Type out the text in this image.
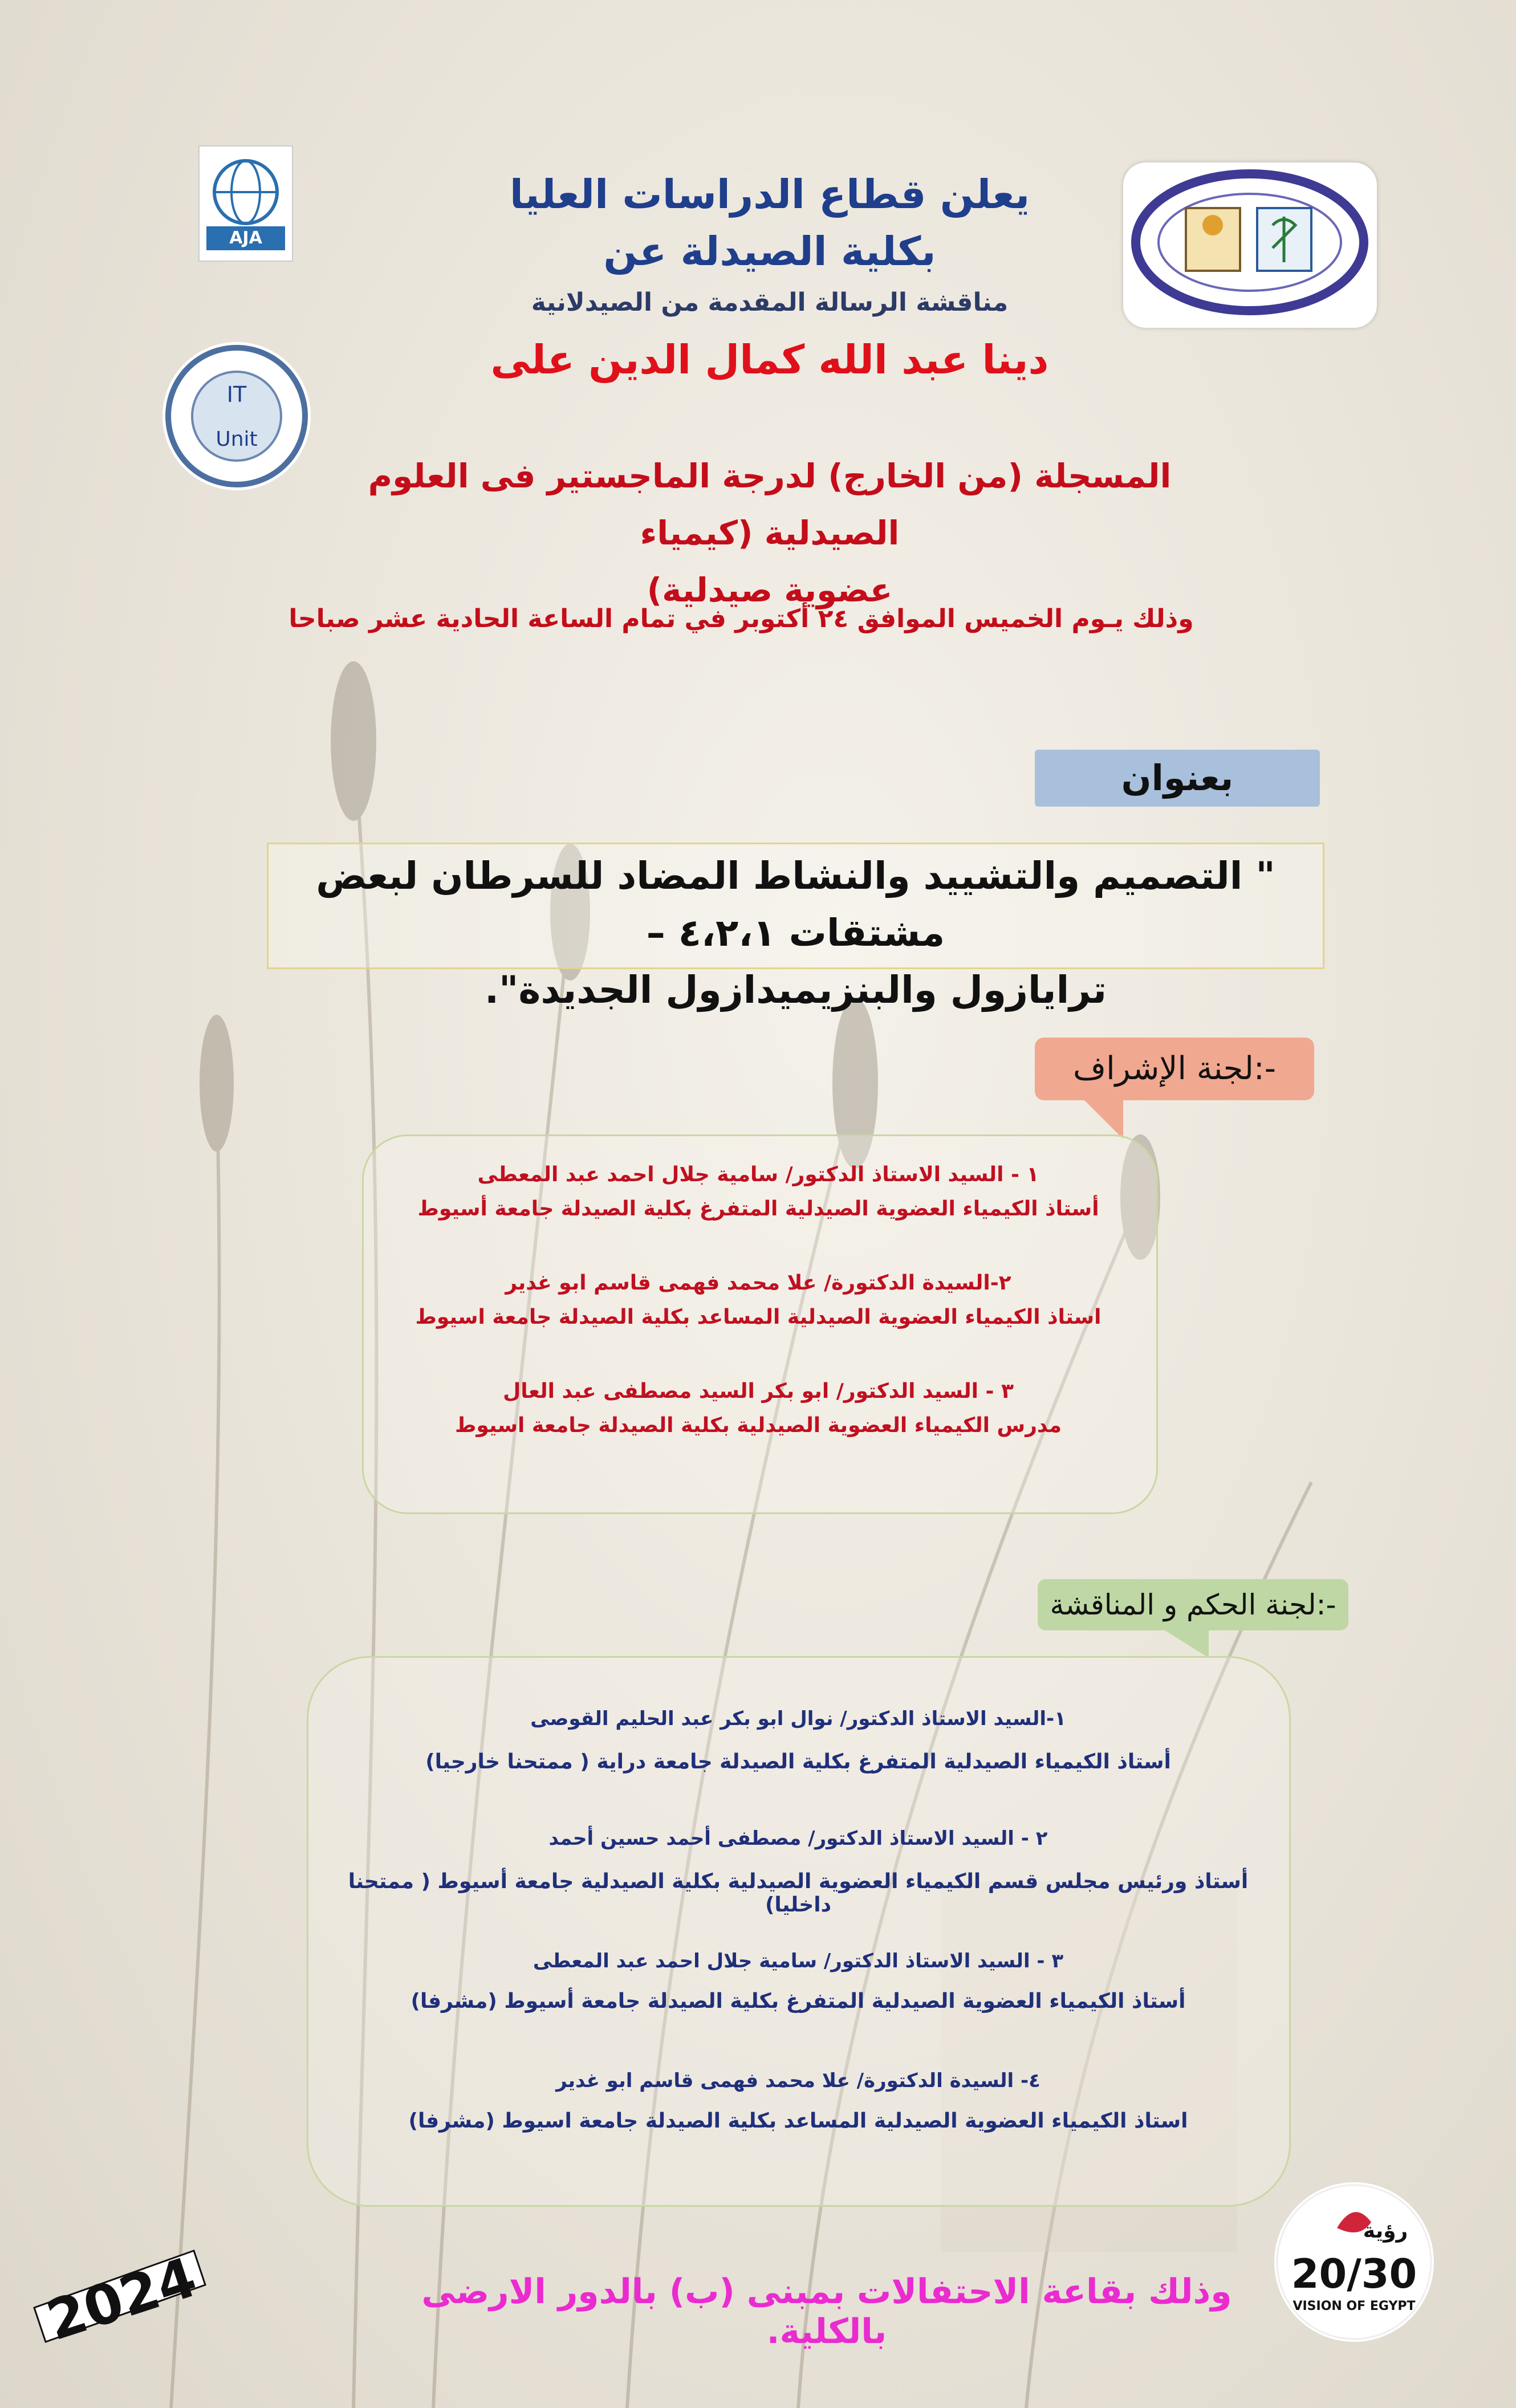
AJA
IT
Unit
رؤية
20/30
VISION OF EGYPT
2024
يعلن قطاع الدراسات العليا
بكلية الصيدلة عن
مناقشة الرسالة المقدمة من الصيدلانية
دينا عبد الله كمال الدين على
المسجلة (من الخارج) لدرجة الماجستير فى العلوم الصيدلية (كيمياء
عضوية صيدلية)
وذلك يـوم الخميس الموافق ٢٤ أكتوبر في تمام الساعة الحادية عشر صباحا
بعنوان
" التصميم والتشييد والنشاط المضاد للسرطان لبعض مشتقات ٤،٢،١ –
ترايازول والبنزيميدازول الجديدة".
لجنة الإشراف:-
١ - السيد الاستاذ الدكتور/ سامية جلال احمد عبد المعطى
أستاذ الكيمياء العضوية الصيدلية المتفرغ بكلية الصيدلة جامعة أسيوط
٢-السيدة الدكتورة/ علا محمد فهمى قاسم ابو غدير
استاذ الكيمياء العضوية الصيدلية المساعد بكلية الصيدلة جامعة اسيوط
٣ - السيد الدكتور/ ابو بكر السيد مصطفى عبد العال
مدرس الكيمياء العضوية الصيدلية بكلية الصيدلة جامعة اسيوط
لجنة الحكم و المناقشة:-
١-السيد الاستاذ الدكتور/ نوال ابو بكر عبد الحليم القوصى
أستاذ الكيمياء الصيدلية المتفرغ بكلية الصيدلة جامعة دراية ( ممتحنا خارجيا)
٢ - السيد الاستاذ الدكتور/ مصطفى أحمد حسين أحمد
أستاذ ورئيس مجلس قسم الكيمياء العضوية الصيدلية بكلية الصيدلية جامعة أسيوط ( ممتحنا داخليا)
٣ - السيد الاستاذ الدكتور/ سامية جلال احمد عبد المعطى
أستاذ الكيمياء العضوية الصيدلية المتفرغ بكلية الصيدلة جامعة أسيوط (مشرفا)
٤- السيدة الدكتورة/ علا محمد فهمى قاسم ابو غدير
استاذ الكيمياء العضوية الصيدلية المساعد بكلية الصيدلة جامعة اسيوط (مشرفا)
وذلك بقاعة الاحتفالات بمبنى (ب) بالدور الارضى بالكلية.
